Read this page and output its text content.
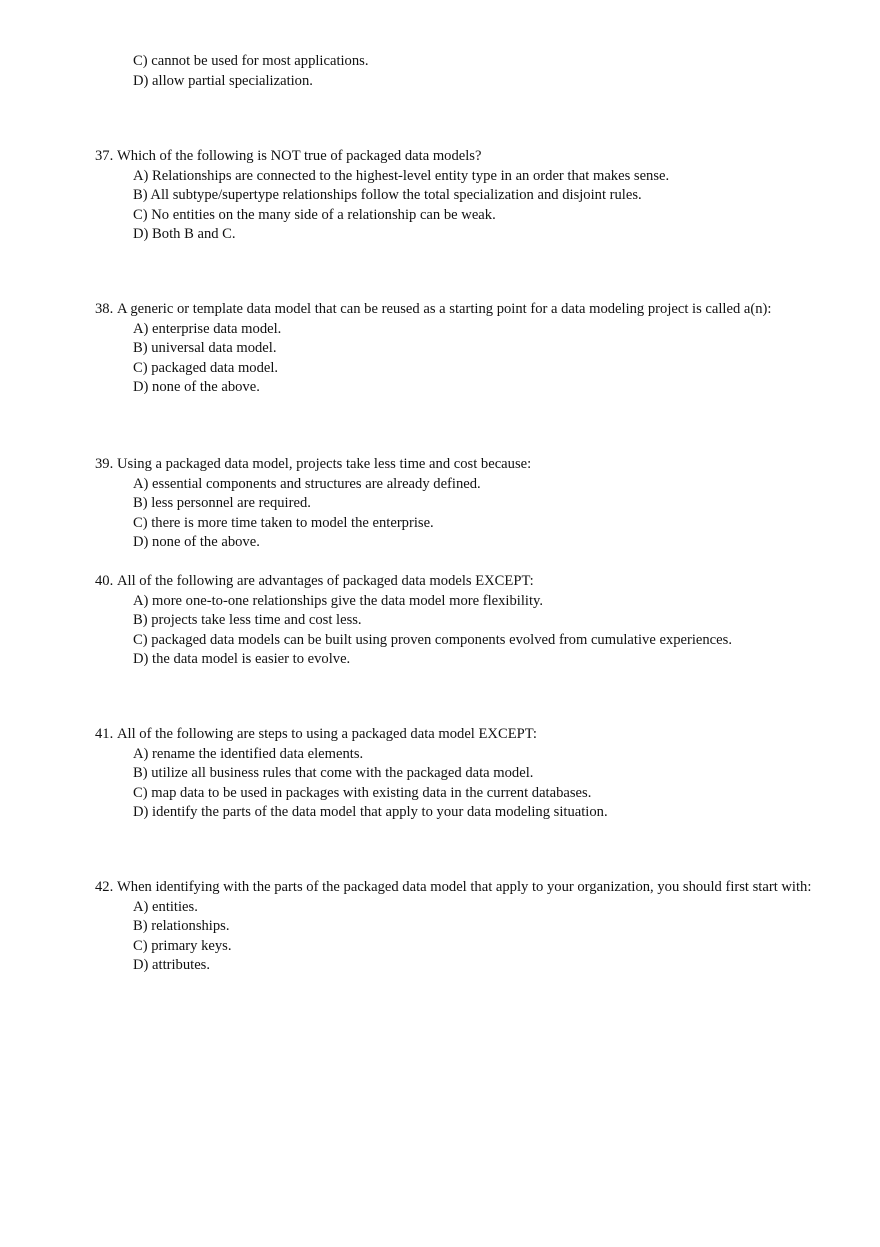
C) cannot be used for most applications.
D) allow partial specialization.
37. Which of the following is NOT true of packaged data models?
A) Relationships are connected to the highest-level entity type in an order that makes sense.
B) All subtype/supertype relationships follow the total specialization and disjoint rules.
C) No entities on the many side of a relationship can be weak.
D) Both B and C.
38. A generic or template data model that can be reused as a starting point for a data modeling project is called a(n):
A) enterprise data model.
B) universal data model.
C) packaged data model.
D) none of the above.
39. Using a packaged data model, projects take less time and cost because:
A) essential components and structures are already defined.
B) less personnel are required.
C) there is more time taken to model the enterprise.
D) none of the above.
40. All of the following are advantages of packaged data models EXCEPT:
A) more one-to-one relationships give the data model more flexibility.
B) projects take less time and cost less.
C) packaged data models can be built using proven components evolved from cumulative experiences.
D) the data model is easier to evolve.
41. All of the following are steps to using a packaged data model EXCEPT:
A) rename the identified data elements.
B) utilize all business rules that come with the packaged data model.
C) map data to be used in packages with existing data in the current databases.
D) identify the parts of the data model that apply to your data modeling situation.
42. When identifying with the parts of the packaged data model that apply to your organization, you should first start with:
A) entities.
B) relationships.
C) primary keys.
D) attributes.
